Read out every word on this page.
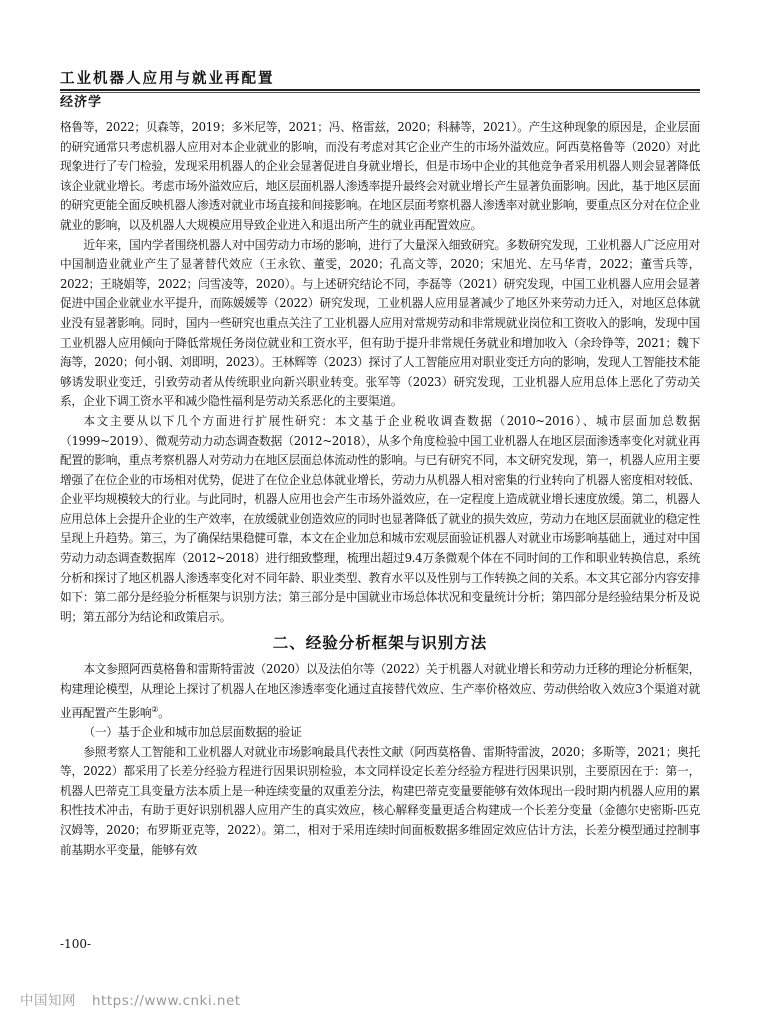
工业机器人应用与就业再配置
经济学

格鲁等，2022；贝森等，2019；多米尼等，2021；冯、格雷兹，2020；科赫等，2021）。产生这种现象的原因是，企业层面的研究通常只考虑机器人应用对本企业就业的影响，而没有考虑对其它企业产生的市场外溢效应。阿西莫格鲁等（2020）对此现象进行了专门检验，发现采用机器人的企业会显著促进自身就业增长，但是市场中企业的其他竞争者采用机器人则会显著降低该企业就业增长。考虑市场外溢效应后，地区层面机器人渗透率提升最终会对就业增长产生显著负面影响。因此，基于地区层面的研究更能全面反映机器人渗透对就业市场直接和间接影响。在地区层面考察机器人渗透率对就业影响，要重点区分对在位企业就业的影响，以及机器人大规模应用导致企业进入和退出所产生的就业再配置效应。

近年来，国内学者围绕机器人对中国劳动力市场的影响，进行了大量深入细致研究。多数研究发现，工业机器人广泛应用对中国制造业就业产生了显著替代效应（王永钦、董雯，2020；孔高文等，2020；宋旭光、左马华青，2022；董雪兵等，2022；王晓娟等，2022；闫雪凌等，2020）。与上述研究结论不同，李磊等（2021）研究发现，中国工业机器人应用会显著促进中国企业就业水平提升，而陈媛媛等（2022）研究发现，工业机器人应用显著减少了地区外来劳动力迁入，对地区总体就业没有显著影响。同时，国内一些研究也重点关注了工业机器人应用对常规劳动和非常规就业岗位和工资收入的影响，发现中国工业机器人应用倾向于降低常规任务岗位就业和工资水平，但有助于提升非常规任务就业和增加收入（余玲铮等，2021；魏下海等，2020；何小钢、刘即明，2023）。王林辉等（2023）探讨了人工智能应用对职业变迁方向的影响，发现人工智能技术能够诱发职业变迁，引致劳动者从传统职业向新兴职业转变。张军等（2023）研究发现，工业机器人应用总体上恶化了劳动关系，企业下调工资水平和减少隐性福利是劳动关系恶化的主要渠道。

本文主要从以下几个方面进行扩展性研究：本文基于企业税收调查数据（2010~2016）、城市层面加总数据（1999~2019）、微观劳动力动态调查数据（2012~2018），从多个角度检验中国工业机器人在地区层面渗透率变化对就业再配置的影响，重点考察机器人对劳动力在地区层面总体流动性的影响。与已有研究不同，本文研究发现，第一，机器人应用主要增强了在位企业的市场相对优势，促进了在位企业总体就业增长，劳动力从机器人相对密集的行业转向了机器人密度相对较低、企业平均规模较大的行业。与此同时，机器人应用也会产生市场外溢效应，在一定程度上造成就业增长速度放缓。第二，机器人应用总体上会提升企业的生产效率，在放缓就业创造效应的同时也显著降低了就业的损失效应，劳动力在地区层面就业的稳定性呈现上升趋势。第三，为了确保结果稳健可靠，本文在企业加总和城市宏观层面验证机器人对就业市场影响基础上，通过对中国劳动力动态调查数据库（2012~2018）进行细致整理，梳理出超过9.4万条微观个体在不同时间的工作和职业转换信息，系统分析和探讨了地区机器人渗透率变化对不同年龄、职业类型、教育水平以及性别与工作转换之间的关系。本文其它部分内容安排如下：第二部分是经验分析框架与识别方法；第三部分是中国就业市场总体状况和变量统计分析；第四部分是经验结果分析及说明；第五部分为结论和政策启示。

二、经验分析框架与识别方法

本文参照阿西莫格鲁和雷斯特雷波（2020）以及法伯尔等（2022）关于机器人对就业增长和劳动力迁移的理论分析框架，构建理论模型，从理论上探讨了机器人在地区渗透率变化通过直接替代效应、生产率价格效应、劳动供给收入效应3个渠道对就业再配置产生影响②。

（一）基于企业和城市加总层面数据的验证

参照考察人工智能和工业机器人对就业市场影响最具代表性文献（阿西莫格鲁、雷斯特雷波，2020；多斯等，2021；奥托等，2022）都采用了长差分经验方程进行因果识别检验，本文同样设定长差分经验方程进行因果识别，主要原因在于：第一，机器人巴蒂克工具变量方法本质上是一种连续变量的双重差分法，构建巴蒂克变量要能够有效体现出一段时期内机器人应用的累积性技术冲击，有助于更好识别机器人应用产生的真实效应，核心解释变量更适合构建成一个长差分变量（金德尔史密斯-匹克汉姆等，2020；布罗斯亚克等，2022）。第二，相对于采用连续时间面板数据多维固定效应估计方法，长差分模型通过控制事前基期水平变量，能够有效

-100-
中国知网 https://www.cnki.net
